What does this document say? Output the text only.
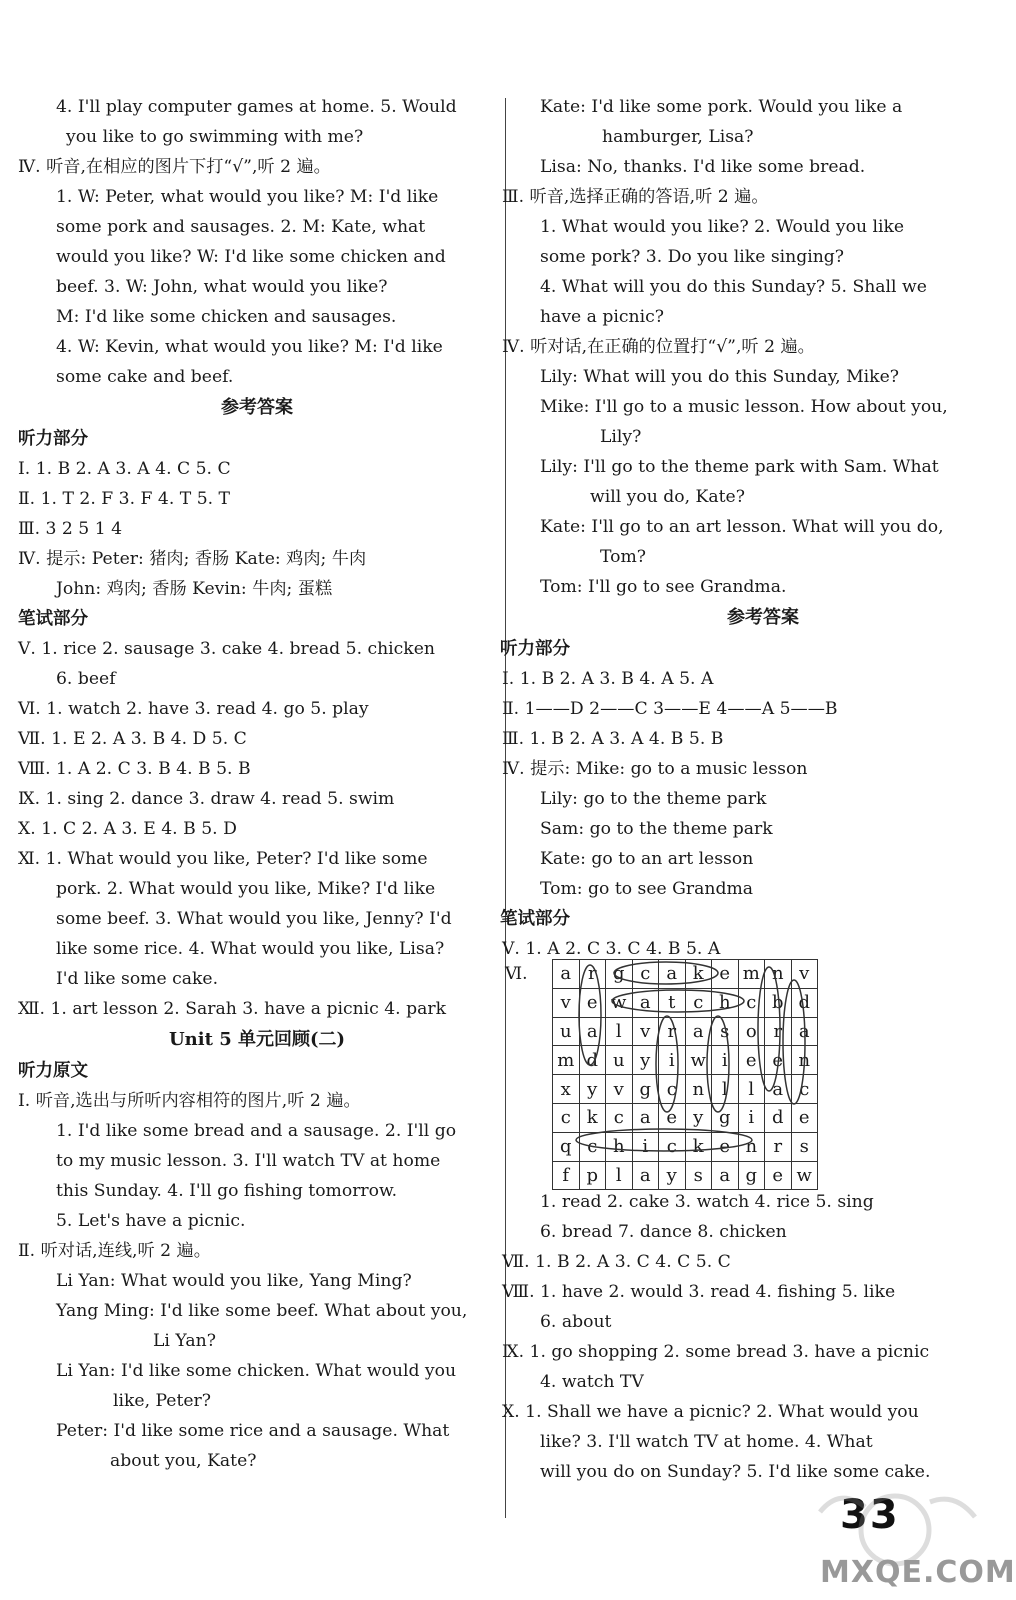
4. I'll play computer games at home. 5. Would
you like to go swimming with me?
Ⅳ. 听音,在相应的图片下打“√”,听 2 遍。
1. W: Peter, what would you like? M: I'd like
some pork and sausages. 2. M: Kate, what
would you like? W: I'd like some chicken and
beef. 3. W: John, what would you like?
M: I'd like some chicken and sausages.
4. W: Kevin, what would you like? M: I'd like
some cake and beef.
参考答案
听力部分
Ⅰ. 1. B 2. A 3. A 4. C 5. C
Ⅱ. 1. T 2. F 3. F 4. T 5. T
Ⅲ. 3 2 5 1 4
Ⅳ. 提示: Peter: 猪肉; 香肠 Kate: 鸡肉; 牛肉
John: 鸡肉; 香肠 Kevin: 牛肉; 蛋糕
笔试部分
Ⅴ. 1. rice 2. sausage 3. cake 4. bread 5. chicken
6. beef
Ⅵ. 1. watch 2. have 3. read 4. go 5. play
Ⅶ. 1. E 2. A 3. B 4. D 5. C
Ⅷ. 1. A 2. C 3. B 4. B 5. B
Ⅸ. 1. sing 2. dance 3. draw 4. read 5. swim
Ⅹ. 1. C 2. A 3. E 4. B 5. D
Ⅺ. 1. What would you like, Peter? I'd like some
pork. 2. What would you like, Mike? I'd like
some beef. 3. What would you like, Jenny? I'd
like some rice. 4. What would you like, Lisa?
I'd like some cake.
Ⅻ. 1. art lesson 2. Sarah 3. have a picnic 4. park
Unit 5 单元回顾(二)
听力原文
Ⅰ. 听音,选出与所听内容相符的图片,听 2 遍。
1. I'd like some bread and a sausage. 2. I'll go
to my music lesson. 3. I'll watch TV at home
this Sunday. 4. I'll go fishing tomorrow.
5. Let's have a picnic.
Ⅱ. 听对话,连线,听 2 遍。
Li Yan: What would you like, Yang Ming?
Yang Ming: I'd like some beef. What about you,
Li Yan?
Li Yan: I'd like some chicken. What would you
like, Peter?
Peter: I'd like some rice and a sausage. What
about you, Kate?
Kate: I'd like some pork. Would you like a
hamburger, Lisa?
Lisa: No, thanks. I'd like some bread.
Ⅲ. 听音,选择正确的答语,听 2 遍。
1. What would you like? 2. Would you like
some pork? 3. Do you like singing?
4. What will you do this Sunday? 5. Shall we
have a picnic?
Ⅳ. 听对话,在正确的位置打“√”,听 2 遍。
Lily: What will you do this Sunday, Mike?
Mike: I'll go to a music lesson. How about you,
Lily?
Lily: I'll go to the theme park with Sam. What
will you do, Kate?
Kate: I'll go to an art lesson. What will you do,
Tom?
Tom: I'll go to see Grandma.
参考答案
听力部分
Ⅰ. 1. B 2. A 3. B 4. A 5. A
Ⅱ. 1——D 2——C 3——E 4——A 5——B
Ⅲ. 1. B 2. A 3. A 4. B 5. B
Ⅳ. 提示: Mike: go to a music lesson
Lily: go to the theme park
Sam: go to the theme park
Kate: go to an art lesson
Tom: go to see Grandma
笔试部分
Ⅴ. 1. A 2. C 3. C 4. B 5. A
Ⅵ. a	r	g	c	a	k	e	m	n	v
v	e	w	a	t	c	h	c	b	d
u	a	l	v	r	a	s	o	r	a
m	d	u	y	i	w	i	e	e	n
x	y	v	g	c	n	l	l	a	c
c	k	c	a	e	y	g	i	d	e
q	c	h	i	c	k	e	n	r	s
f	p	l	a	y	s	a	g	e	w
1. read 2. cake 3. watch 4. rice 5. sing
6. bread 7. dance 8. chicken
Ⅶ. 1. B 2. A 3. C 4. C 5. C
Ⅷ. 1. have 2. would 3. read 4. fishing 5. like
6. about
Ⅸ. 1. go shopping 2. some bread 3. have a picnic
4. watch TV
Ⅹ. 1. Shall we have a picnic? 2. What would you
like? 3. I'll watch TV at home. 4. What
will you do on Sunday? 5. I'd like some cake.
33
MXQE.COM
